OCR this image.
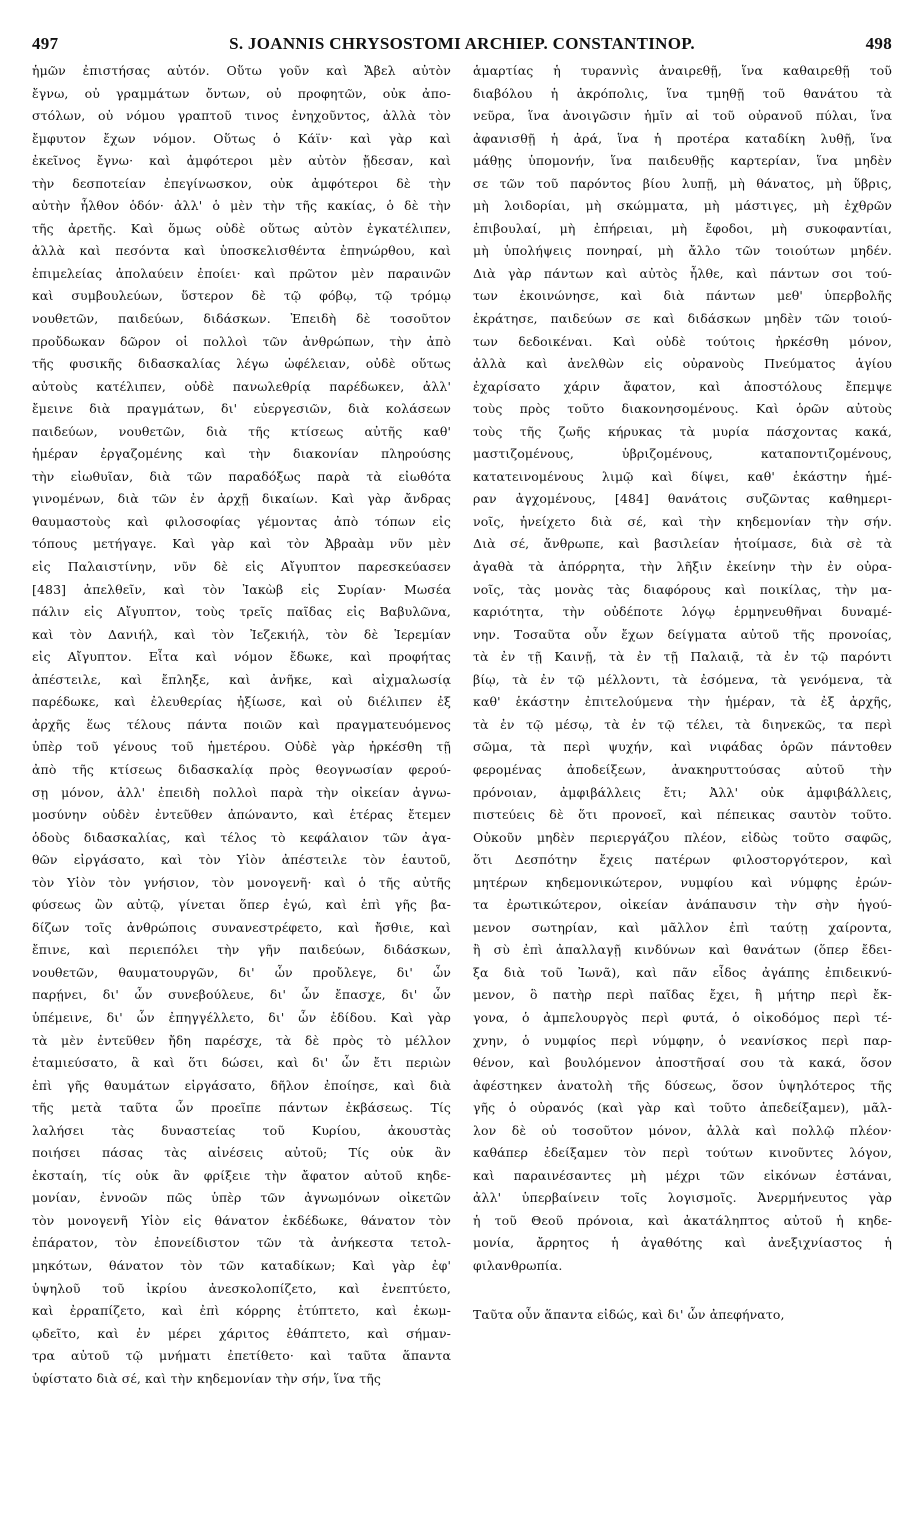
497	S. JOANNIS CHRYSOSTOMI ARCHIEP. CONSTANTINOP.	498
ἡμῶν ἐπιστήσας αὐτόν. Οὕτω γοῦν καὶ Ἄβελ αὐτὸν
ἔγνω, οὐ γραμμάτων ὄντων, οὐ προφητῶν, οὐκ ἀπο-
στόλων, οὐ νόμου γραπτοῦ τινος ἐνηχοῦντος, ἀλλὰ τὸν
ἔμφυτον ἔχων νόμον. Οὕτως ὁ Κάϊν· καὶ γὰρ καὶ
ἐκεῖνος ἔγνω· καὶ ἀμφότεροι μὲν αὐτὸν ᾔδεσαν, καὶ
τὴν δεσποτείαν ἐπεγίνωσκον, οὐκ ἀμφότεροι δὲ τὴν
αὐτὴν ἦλθον ὁδόν· ἀλλ' ὁ μὲν τὴν τῆς κακίας, ὁ δὲ τὴν
τῆς ἀρετῆς. Καὶ ὅμως οὐδὲ οὕτως αὐτὸν ἐγκατέλιπεν,
ἀλλὰ καὶ πεσόντα καὶ ὑποσκελισθέντα ἐπηνώρθου, καὶ
ἐπιμελείας ἀπολαύειν ἐποίει· καὶ πρῶτον μὲν παραινῶν
καὶ συμβουλεύων, ὕστερον δὲ τῷ φόβῳ, τῷ τρόμῳ
νουθετῶν, παιδεύων, διδάσκων. Ἐπειδὴ δὲ τοσοῦτον
προὔδωκαν δῶρον οἱ πολλοὶ τῶν ἀνθρώπων, τὴν ἀπὸ
τῆς φυσικῆς διδασκαλίας λέγω ὠφέλειαν, οὐδὲ οὕτως
αὐτοὺς κατέλιπεν, οὐδὲ πανωλεθρίᾳ παρέδωκεν, ἀλλ'
ἔμεινε διὰ πραγμάτων, δι' εὐεργεσιῶν, διὰ κολάσεων
παιδεύων, νουθετῶν, διὰ τῆς κτίσεως αὐτῆς καθ'
ἡμέραν ἐργαζομένης καὶ τὴν διακονίαν πληρούσης
τὴν εἰωθυῖαν, διὰ τῶν παραδόξως παρὰ τὰ εἰωθότα
γινομένων, διὰ τῶν ἐν ἀρχῇ δικαίων. Καὶ γὰρ ἄνδρας
θαυμαστοὺς καὶ φιλοσοφίας γέμοντας ἀπὸ τόπων εἰς
τόπους μετήγαγε. Καὶ γὰρ καὶ τὸν Ἀβραὰμ νῦν μὲν
εἰς Παλαιστίνην, νῦν δὲ εἰς Αἴγυπτον παρεσκεύασεν
[483] ἀπελθεῖν, καὶ τὸν Ἰακὼβ εἰς Συρίαν· Μωσέα
πάλιν εἰς Αἴγυπτον, τοὺς τρεῖς παῖδας εἰς Βαβυλῶνα,
καὶ τὸν Δανιήλ, καὶ τὸν Ἰεζεκιήλ, τὸν δὲ Ἱερεμίαν
εἰς Αἴγυπτον. Εἶτα καὶ νόμον ἔδωκε, καὶ προφήτας
ἀπέστειλε, καὶ ἔπληξε, καὶ ἀνῆκε, καὶ αἰχμαλωσίᾳ
παρέδωκε, καὶ ἐλευθερίας ἠξίωσε, καὶ οὐ διέλιπεν ἐξ
ἀρχῆς ἕως τέλους πάντα ποιῶν καὶ πραγματευόμενος
ὑπὲρ τοῦ γένους τοῦ ἡμετέρου. Οὐδὲ γὰρ ἠρκέσθη τῇ
ἀπὸ τῆς κτίσεως διδασκαλίᾳ πρὸς θεογνωσίαν φερού-
σῃ μόνον, ἀλλ' ἐπειδὴ πολλοὶ παρὰ τὴν οἰκείαν ἀγνω-
μοσύνην οὐδὲν ἐντεῦθεν ἀπώναντο, καὶ ἑτέρας ἔτεμεν
ὁδοὺς διδασκαλίας, καὶ τέλος τὸ κεφάλαιον τῶν ἀγα-
θῶν εἰργάσατο, καὶ τὸν Υἱὸν ἀπέστειλε τὸν ἑαυτοῦ,
τὸν Υἱὸν τὸν γνήσιον, τὸν μονογενῆ· καὶ ὁ τῆς αὐτῆς
φύσεως ὢν αὐτῷ, γίνεται ὅπερ ἐγώ, καὶ ἐπὶ γῆς βα-
δίζων τοῖς ἀνθρώποις συνανεστρέφετο, καὶ ἤσθιε, καὶ
ἔπινε, καὶ περιεπόλει τὴν γῆν παιδεύων, διδάσκων,
νουθετῶν, θαυματουργῶν, δι' ὧν προὔλεγε, δι' ὧν
παρῄνει, δι' ὧν συνεβούλευε, δι' ὧν ἔπασχε, δι' ὧν
ὑπέμεινε, δι' ὧν ἐπηγγέλλετο, δι' ὧν ἐδίδου. Καὶ γὰρ
τὰ μὲν ἐντεῦθεν ἤδη παρέσχε, τὰ δὲ πρὸς τὸ μέλλον
ἐταμιεύσατο, ἃ καὶ ὅτι δώσει, καὶ δι' ὧν ἔτι περιὼν
ἐπὶ γῆς θαυμάτων εἰργάσατο, δῆλον ἐποίησε, καὶ διὰ
τῆς μετὰ ταῦτα ὧν προεῖπε πάντων ἐκβάσεως. Τίς
λαλήσει τὰς δυναστείας τοῦ Κυρίου, ἀκουστὰς
ποιήσει πάσας τὰς αἰνέσεις αὐτοῦ; Τίς οὐκ ἂν
ἐκσταίη, τίς οὐκ ἂν φρίξειε τὴν ἄφατον αὐτοῦ κηδε-
μονίαν, ἐννοῶν πῶς ὑπὲρ τῶν ἀγνωμόνων οἰκετῶν
τὸν μονογενῆ Υἱὸν εἰς θάνατον ἐκδέδωκε, θάνατον τὸν
ἐπάρατον, τὸν ἐπονείδιστον τῶν τὰ ἀνήκεστα τετολ-
μηκότων, θάνατον τὸν τῶν καταδίκων; Καὶ γὰρ ἐφ'
ὑψηλοῦ τοῦ ἰκρίου ἀνεσκολοπίζετο, καὶ ἐνεπτύετο,
καὶ ἐρραπίζετο, καὶ ἐπὶ κόρρης ἐτύπτετο, καὶ ἐκωμ-
ῳδεῖτο, καὶ ἐν μέρει χάριτος ἐθάπτετο, καὶ σήμαν-
τρα αὐτοῦ τῷ μνήματι ἐπετίθετο· καὶ ταῦτα ἅπαντα
ὑφίστατο διὰ σέ, καὶ τὴν κηδεμονίαν τὴν σήν, ἵνα τῆς
ἁμαρτίας ἡ τυραννὶς ἀναιρεθῇ, ἵνα καθαιρεθῇ τοῦ
διαβόλου ἡ ἀκρόπολις, ἵνα τμηθῇ τοῦ θανάτου τὰ
νεῦρα, ἵνα ἀνοιγῶσιν ἡμῖν αἱ τοῦ οὐρανοῦ πύλαι, ἵνα
ἀφανισθῇ ἡ ἀρά, ἵνα ἡ προτέρα καταδίκη λυθῇ, ἵνα
μάθῃς ὑπομονήν, ἵνα παιδευθῇς καρτερίαν, ἵνα μηδὲν
σε τῶν τοῦ παρόντος βίου λυπῇ, μὴ θάνατος, μὴ ὕβρις,
μὴ λοιδορίαι, μὴ σκώμματα, μὴ μάστιγες, μὴ ἐχθρῶν
ἐπιβουλαί, μὴ ἐπήρειαι, μὴ ἔφοδοι, μὴ συκοφαντίαι,
μὴ ὑπολήψεις πονηραί, μὴ ἄλλο τῶν τοιούτων μηδέν.
Διὰ γὰρ πάντων καὶ αὐτὸς ἦλθε, καὶ πάντων σοι τού-
των ἐκοινώνησε, καὶ διὰ πάντων μεθ' ὑπερβολῆς
ἐκράτησε, παιδεύων σε καὶ διδάσκων μηδὲν τῶν τοιού-
των δεδοικέναι. Καὶ οὐδὲ τούτοις ἠρκέσθη μόνον,
ἀλλὰ καὶ ἀνελθὼν εἰς οὐρανοὺς Πνεύματος ἁγίου
ἐχαρίσατο χάριν ἄφατον, καὶ ἀποστόλους ἔπεμψε
τοὺς πρὸς τοῦτο διακονησομένους. Καὶ ὁρῶν αὐτοὺς
τοὺς τῆς ζωῆς κήρυκας τὰ μυρία πάσχοντας κακά,
μαστιζομένους, ὑβριζομένους, καταποντιζομένους,
κατατεινομένους λιμῷ καὶ δίψει, καθ' ἑκάστην ἡμέ-
ραν ἀγχομένους, [484] θανάτοις συζῶντας καθημερι-
νοῖς, ἠνείχετο διὰ σέ, καὶ τὴν κηδεμονίαν τὴν σήν.
Διὰ σέ, ἄνθρωπε, καὶ βασιλείαν ἡτοίμασε, διὰ σὲ τὰ
ἀγαθὰ τὰ ἀπόρρητα, τὴν λῆξιν ἐκείνην τὴν ἐν οὐρα-
νοῖς, τὰς μονὰς τὰς διαφόρους καὶ ποικίλας, τὴν μα-
καριότητα, τὴν οὐδέποτε λόγῳ ἑρμηνευθῆναι δυναμέ-
νην. Τοσαῦτα οὖν ἔχων δείγματα αὐτοῦ τῆς προνοίας,
τὰ ἐν τῇ Καινῇ, τὰ ἐν τῇ Παλαιᾷ, τὰ ἐν τῷ παρόντι
βίῳ, τὰ ἐν τῷ μέλλοντι, τὰ ἐσόμενα, τὰ γενόμενα, τὰ
καθ' ἑκάστην ἐπιτελούμενα τὴν ἡμέραν, τὰ ἐξ ἀρχῆς,
τὰ ἐν τῷ μέσῳ, τὰ ἐν τῷ τέλει, τὰ διηνεκῶς, τα περὶ
σῶμα, τὰ περὶ ψυχήν, καὶ νιφάδας ὁρῶν πάντοθεν
φερομένας ἀποδείξεων, ἀνακηρυττούσας αὐτοῦ τὴν
πρόνοιαν, ἀμφιβάλλεις ἔτι; Ἀλλ' οὐκ ἀμφιβάλλεις,
πιστεύεις δὲ ὅτι προνοεῖ, καὶ πέπεικας σαυτὸν τοῦτο.
Οὐκοῦν μηδὲν περιεργάζου πλέον, εἰδὼς τοῦτο σαφῶς,
ὅτι Δεσπότην ἔχεις πατέρων φιλοστοργότερον, καὶ
μητέρων κηδεμονικώτερον, νυμφίου καὶ νύμφης ἐρών-
τα ἐρωτικώτερον, οἰκείαν ἀνάπαυσιν τὴν σὴν ἡγού-
μενον σωτηρίαν, καὶ μᾶλλον ἐπὶ ταύτῃ χαίροντα,
ἢ σὺ ἐπὶ ἀπαλλαγῇ κινδύνων καὶ θανάτων (ὅπερ ἔδει-
ξα διὰ τοῦ Ἰωνᾶ), καὶ πᾶν εἶδος ἀγάπης ἐπιδεικνύ-
μενον, ὃ πατὴρ περὶ παῖδας ἔχει, ἢ μήτηρ περὶ ἔκ-
γονα, ὁ ἀμπελουργὸς περὶ φυτά, ὁ οἰκοδόμος περὶ τέ-
χνην, ὁ νυμφίος περὶ νύμφην, ὁ νεανίσκος περὶ παρ-
θένον, καὶ βουλόμενον ἀποστῆσαί σου τὰ κακά, ὅσον
ἀφέστηκεν ἀνατολὴ τῆς δύσεως, ὅσον ὑψηλότερος τῆς
γῆς ὁ οὐρανός (καὶ γὰρ καὶ τοῦτο ἀπεδείξαμεν), μᾶλ-
λον δὲ οὐ τοσοῦτον μόνον, ἀλλὰ καὶ πολλῷ πλέον·
καθάπερ ἐδείξαμεν τὸν περὶ τούτων κινοῦντες λόγον,
καὶ παραινέσαντες μὴ μέχρι τῶν εἰκόνων ἑστάναι,
ἀλλ' ὑπερβαίνειν τοῖς λογισμοῖς. Ἀνερμήνευτος γὰρ
ἡ τοῦ Θεοῦ πρόνοια, καὶ ἀκατάληπτος αὐτοῦ ἡ κηδε-
μονία, ἄρρητος ἡ ἀγαθότης καὶ ἀνεξιχνίαστος ἡ
φιλανθρωπία.
Ταῦτα οὖν ἅπαντα εἰδώς, καὶ δι' ὧν ἀπεφήνατο,
